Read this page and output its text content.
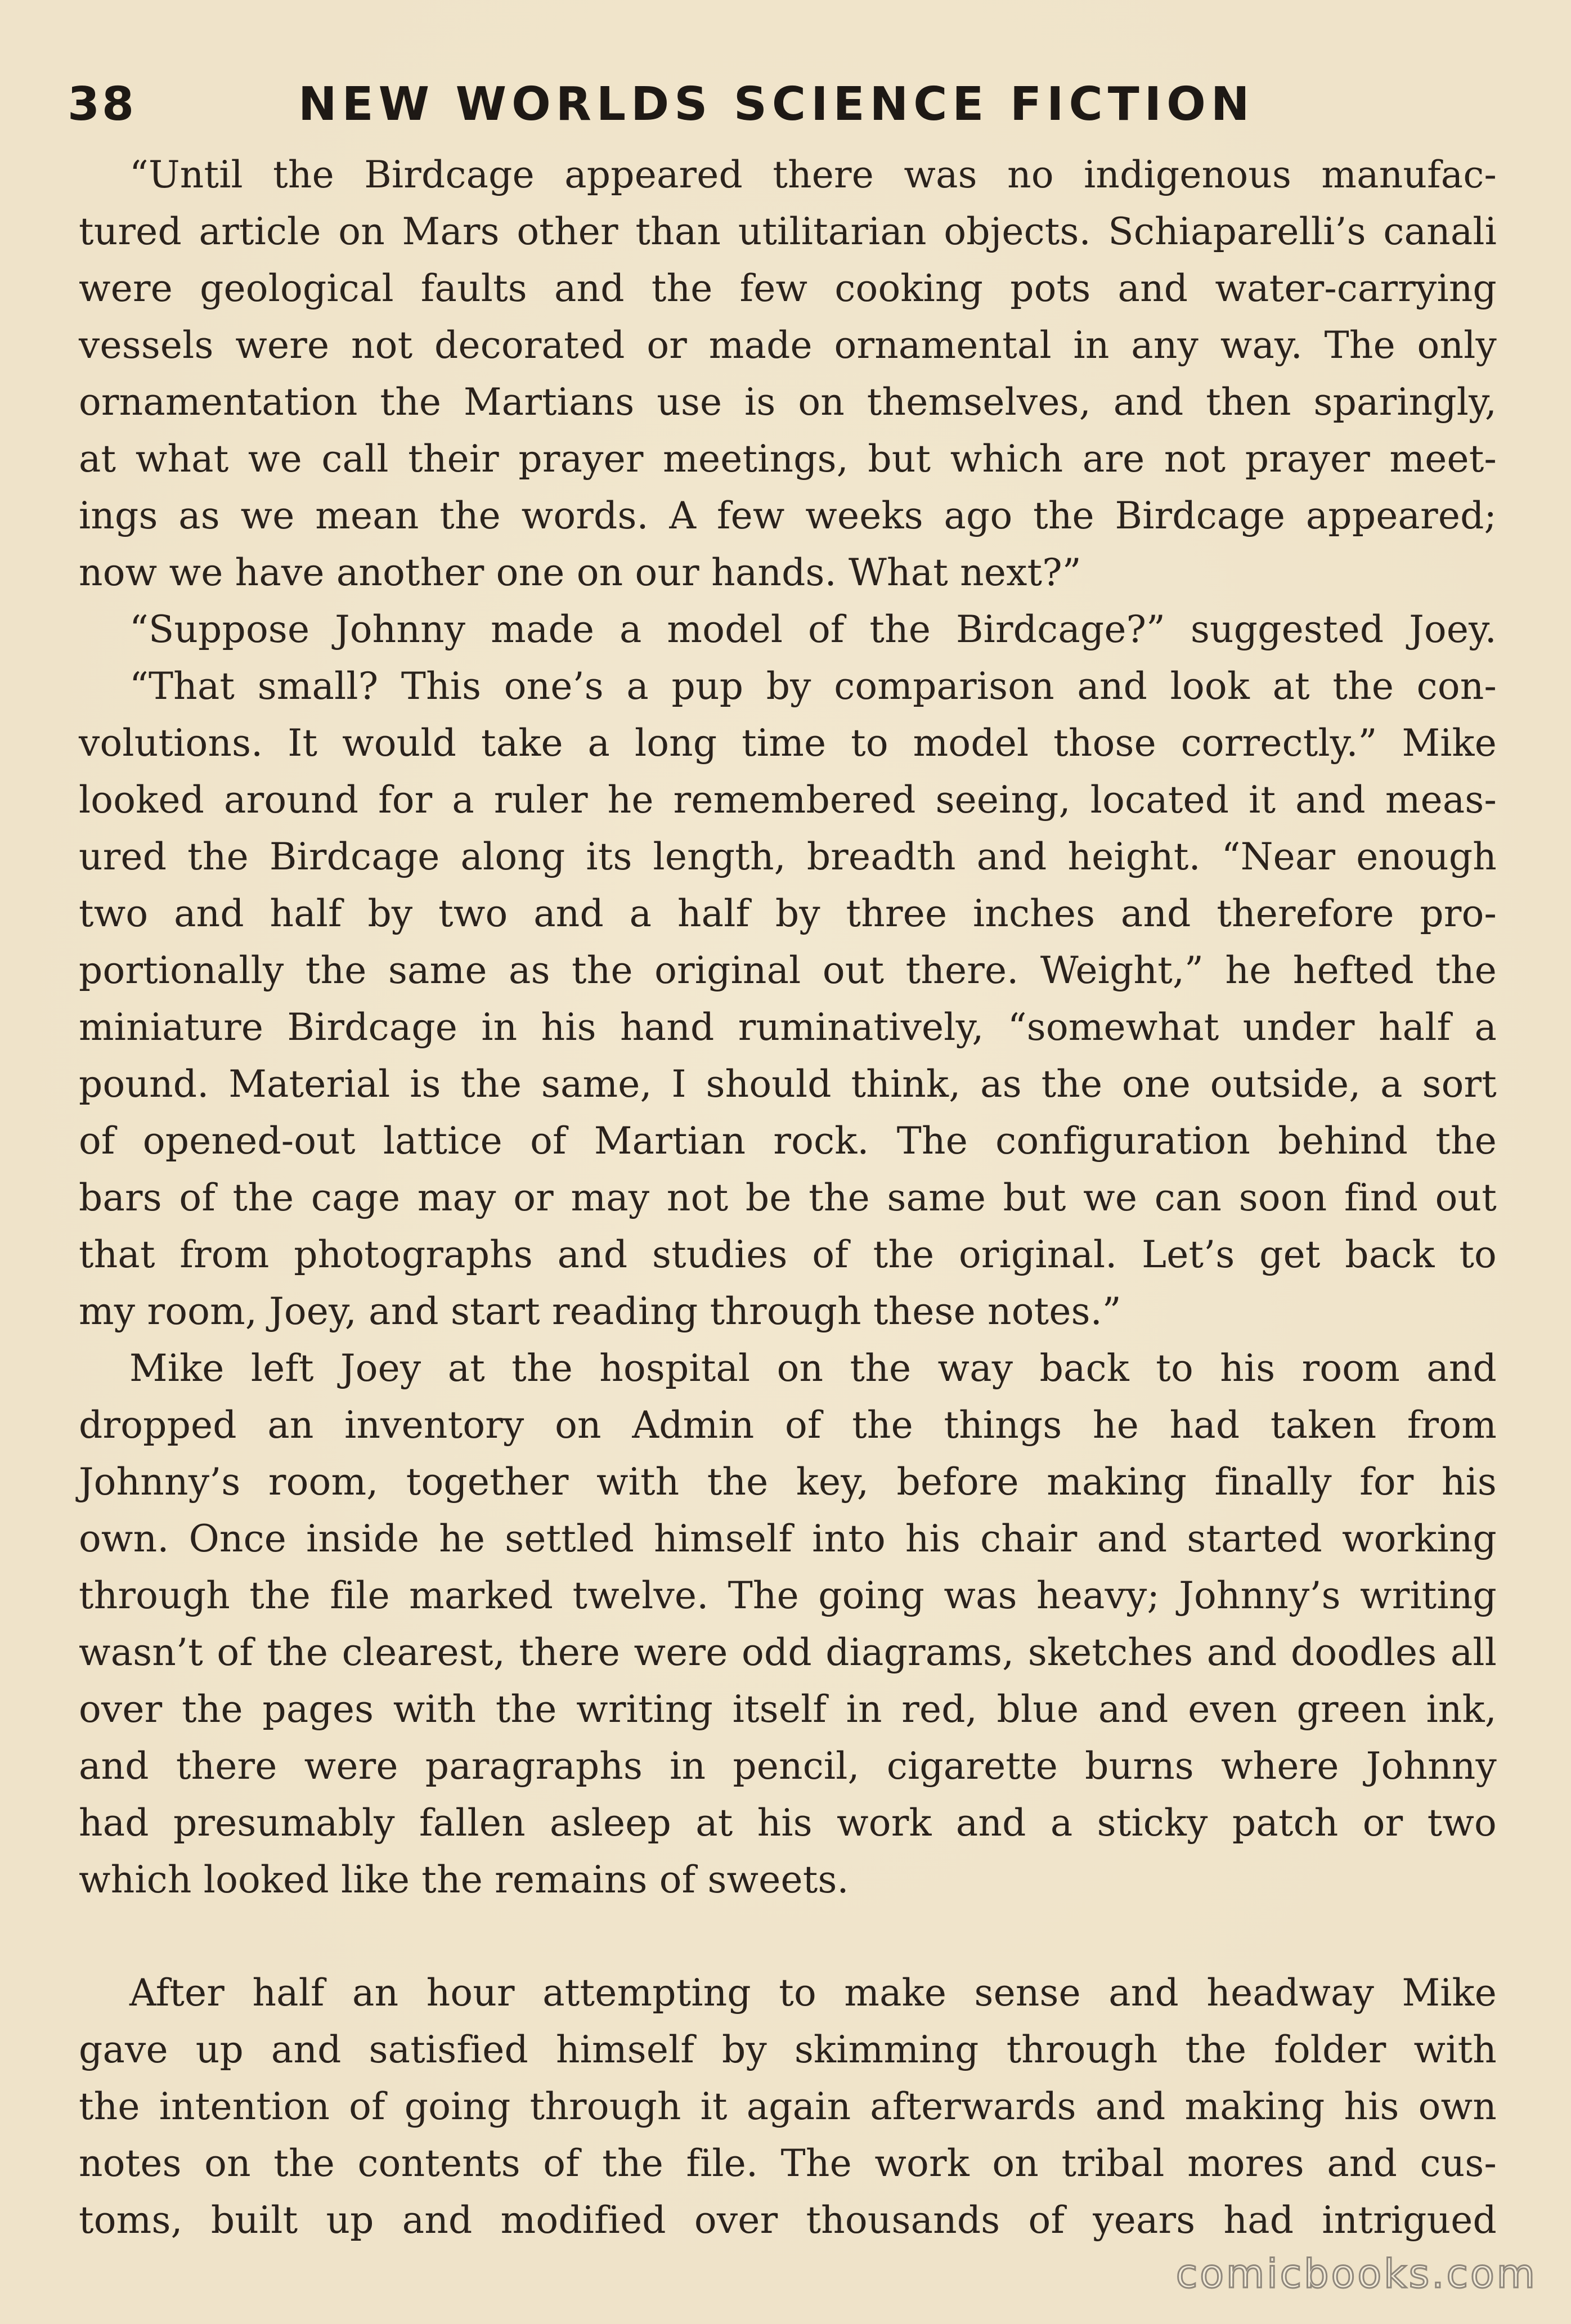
38	NEW WORLDS SCIENCE FICTION
“Until the Birdcage appeared there was no indigenous manufac-
tured article on Mars other than utilitarian objects. Schiaparelli’s canali
were geological faults and the few cooking pots and water-carrying
vessels were not decorated or made ornamental in any way. The only
ornamentation the Martians use is on themselves, and then sparingly,
at what we call their prayer meetings, but which are not prayer meet-
ings as we mean the words. A few weeks ago the Birdcage appeared;
now we have another one on our hands. What next?”
“Suppose Johnny made a model of the Birdcage?” suggested Joey.
“That small? This one’s a pup by comparison and look at the con-
volutions. It would take a long time to model those correctly.” Mike
looked around for a ruler he remembered seeing, located it and meas-
ured the Birdcage along its length, breadth and height. “Near enough
two and half by two and a half by three inches and therefore pro-
portionally the same as the original out there. Weight,” he hefted the
miniature Birdcage in his hand ruminatively, “somewhat under half a
pound. Material is the same, I should think, as the one outside, a sort
of opened-out lattice of Martian rock. The configuration behind the
bars of the cage may or may not be the same but we can soon find out
that from photographs and studies of the original. Let’s get back to
my room, Joey, and start reading through these notes.”
Mike left Joey at the hospital on the way back to his room and
dropped an inventory on Admin of the things he had taken from
Johnny’s room, together with the key, before making finally for his
own. Once inside he settled himself into his chair and started working
through the file marked twelve. The going was heavy; Johnny’s writing
wasn’t of the clearest, there were odd diagrams, sketches and doodles all
over the pages with the writing itself in red, blue and even green ink,
and there were paragraphs in pencil, cigarette burns where Johnny
had presumably fallen asleep at his work and a sticky patch or two
which looked like the remains of sweets.
After half an hour attempting to make sense and headway Mike
gave up and satisfied himself by skimming through the folder with
the intention of going through it again afterwards and making his own
notes on the contents of the file. The work on tribal mores and cus-
toms, built up and modified over thousands of years had intrigued
comicbooks.com
